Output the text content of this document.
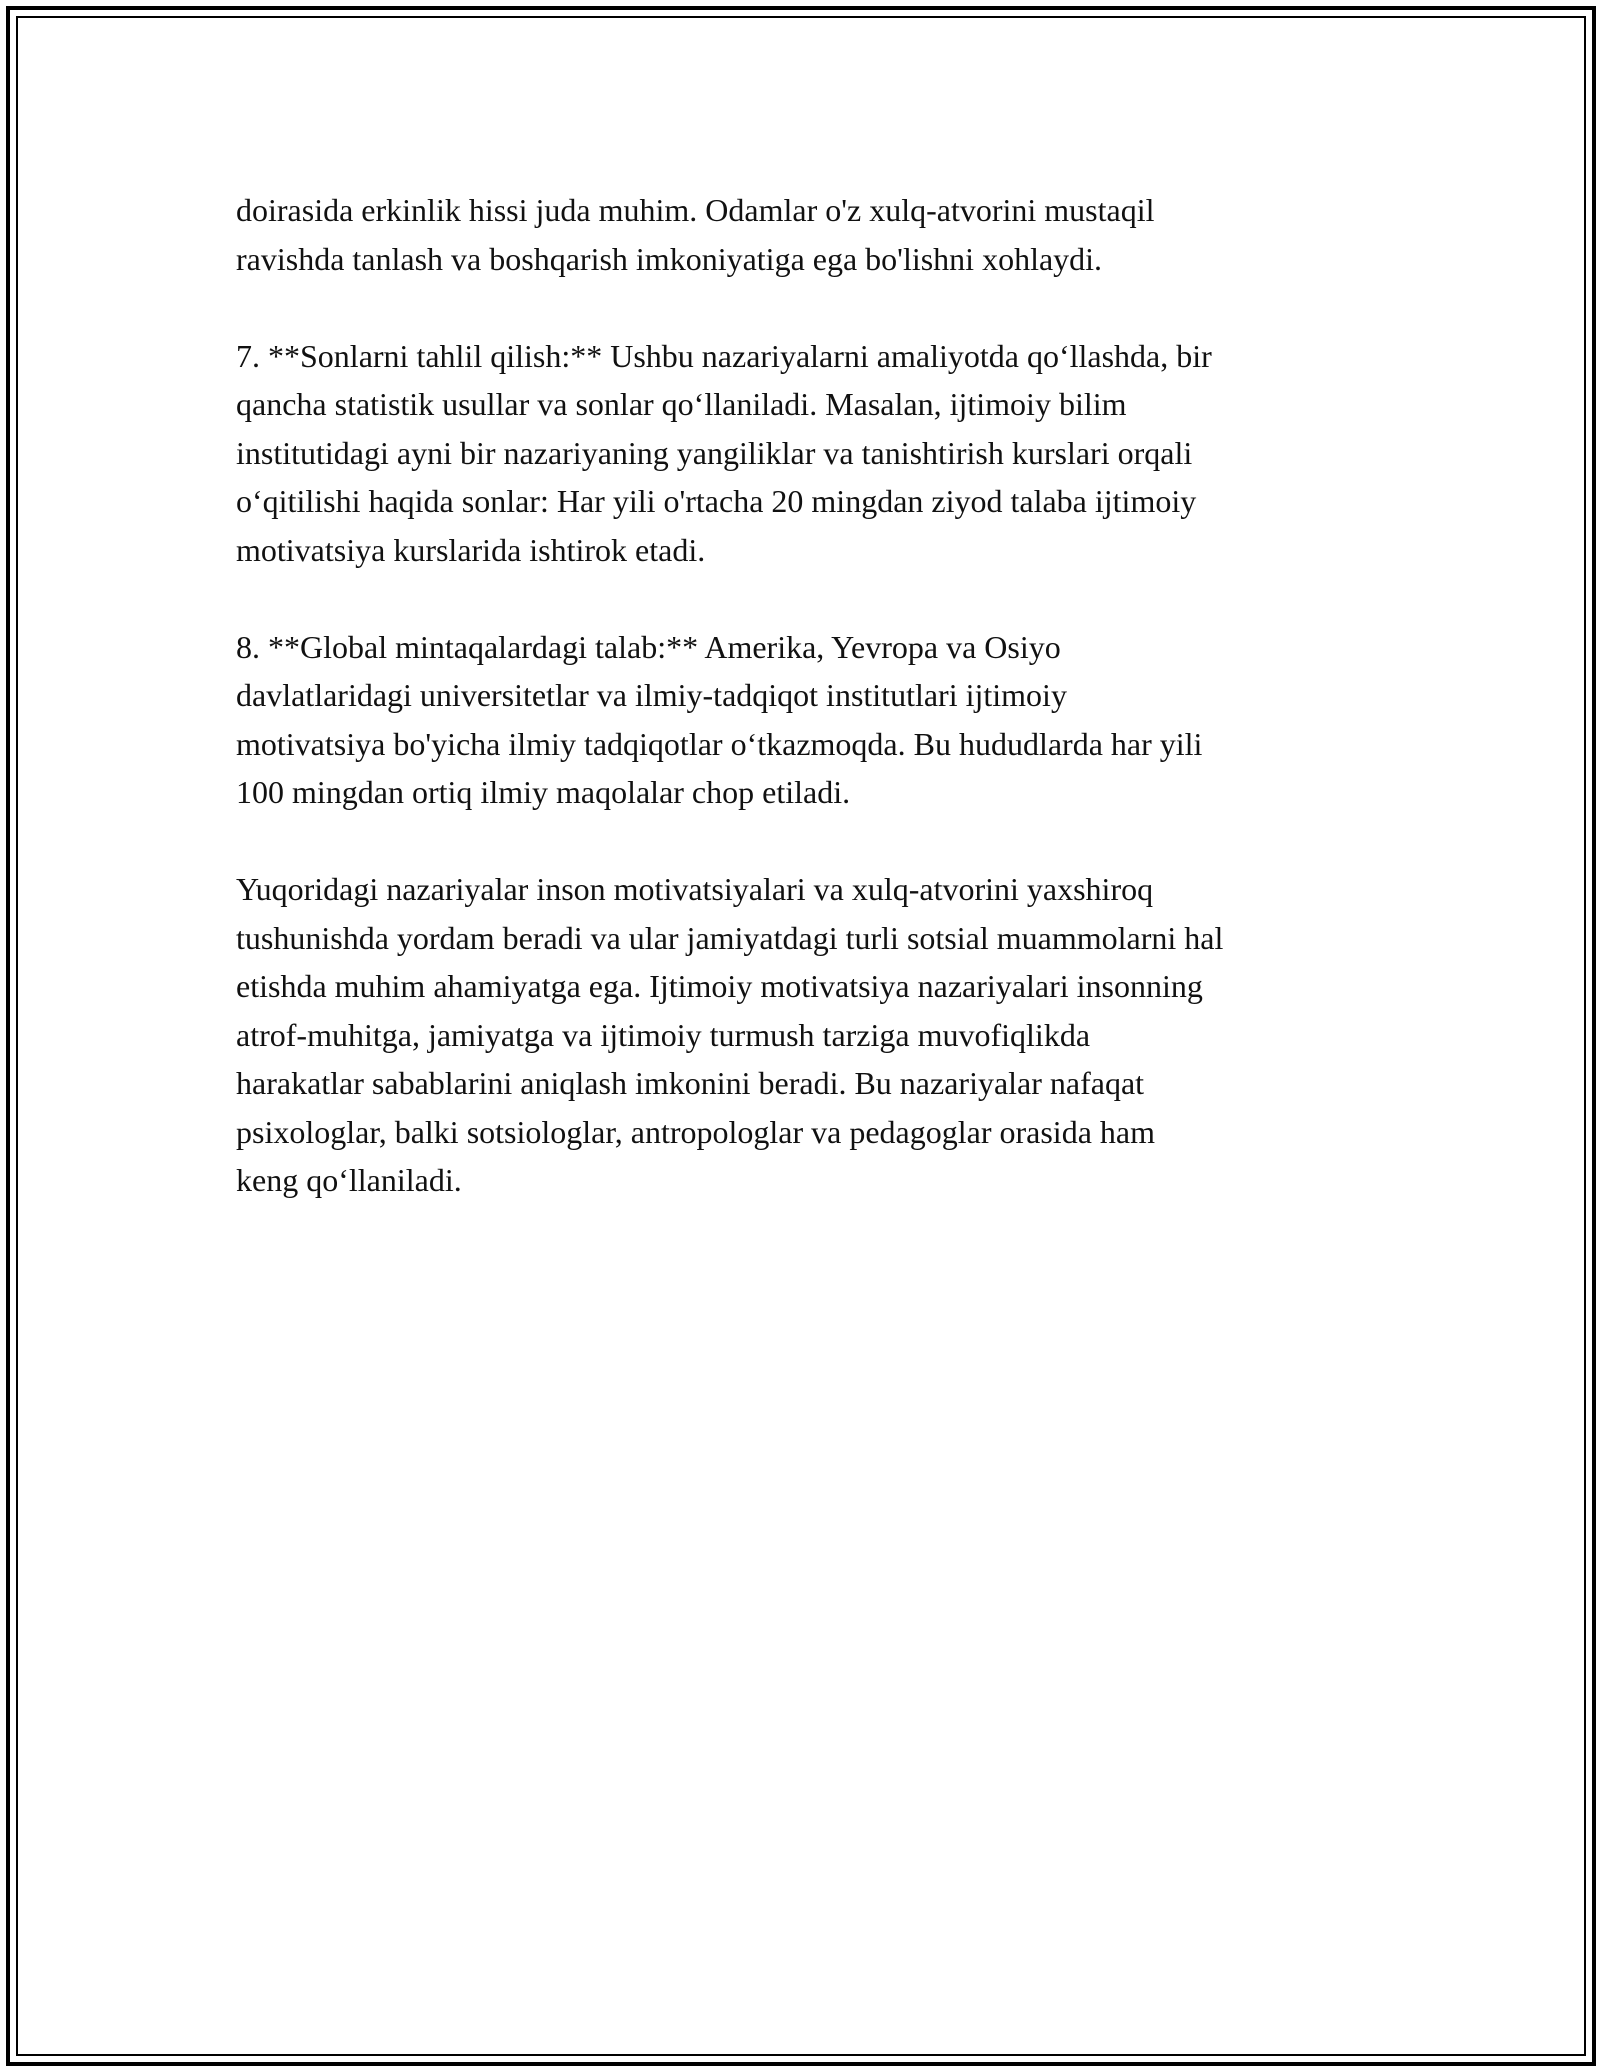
doirasida erkinlik hissi juda muhim. Odamlar o'z xulq-atvorini mustaqil
ravishda tanlash va boshqarish imkoniyatiga ega bo'lishni xohlaydi.

7. **Sonlarni tahlil qilish:** Ushbu nazariyalarni amaliyotda qo‘llashda, bir
qancha statistik usullar va sonlar qo‘llaniladi. Masalan, ijtimoiy bilim
institutidagi ayni bir nazariyaning yangiliklar va tanishtirish kurslari orqali
o‘qitilishi haqida sonlar: Har yili o'rtacha 20 mingdan ziyod talaba ijtimoiy
motivatsiya kurslarida ishtirok etadi.

8. **Global mintaqalardagi talab:** Amerika, Yevropa va Osiyo
davlatlaridagi universitetlar va ilmiy-tadqiqot institutlari ijtimoiy
motivatsiya bo'yicha ilmiy tadqiqotlar o‘tkazmoqda. Bu hududlarda har yili
100 mingdan ortiq ilmiy maqolalar chop etiladi.

Yuqoridagi nazariyalar inson motivatsiyalari va xulq-atvorini yaxshiroq
tushunishda yordam beradi va ular jamiyatdagi turli sotsial muammolarni hal
etishda muhim ahamiyatga ega. Ijtimoiy motivatsiya nazariyalari insonning
atrof-muhitga, jamiyatga va ijtimoiy turmush tarziga muvofiqlikda
harakatlar sabablarini aniqlash imkonini beradi. Bu nazariyalar nafaqat
psixologlar, balki sotsiologlar, antropologlar va pedagoglar orasida ham
keng qo‘llaniladi.
